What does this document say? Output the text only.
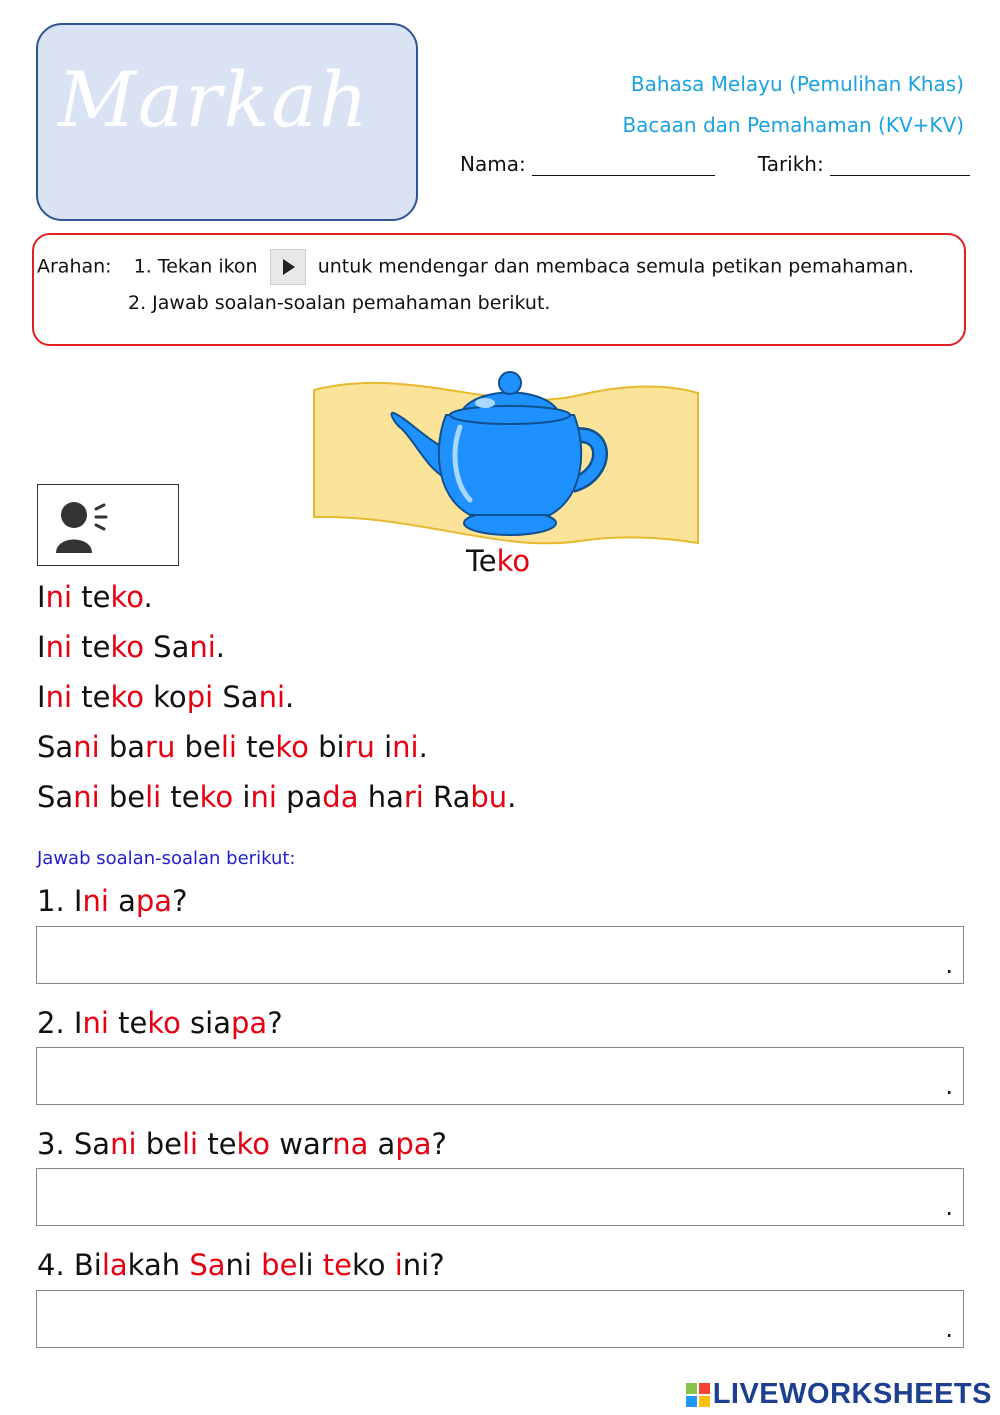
Markah	Bahasa Melayu (Pemulihan Khas)
Bacaan dan Pemahaman (KV+KV)
Nama:	Tarikh:
Arahan: 1. Tekan ikon	untuk mendengar dan membaca semula petikan pemahaman.
2. Jawab soalan-soalan pemahaman berikut.
Teko
Ini teko.
Ini teko Sani.
Ini teko kopi Sani.
Sani baru beli teko biru ini.
Sani beli teko ini pada hari Rabu.
Jawab soalan-soalan berikut:
1. Ini apa?
.
2. Ini teko siapa?
.
3. Sani beli teko warna apa?
.
4. Bilakah Sani beli teko ini?
.
LIVEWORKSHEETS
